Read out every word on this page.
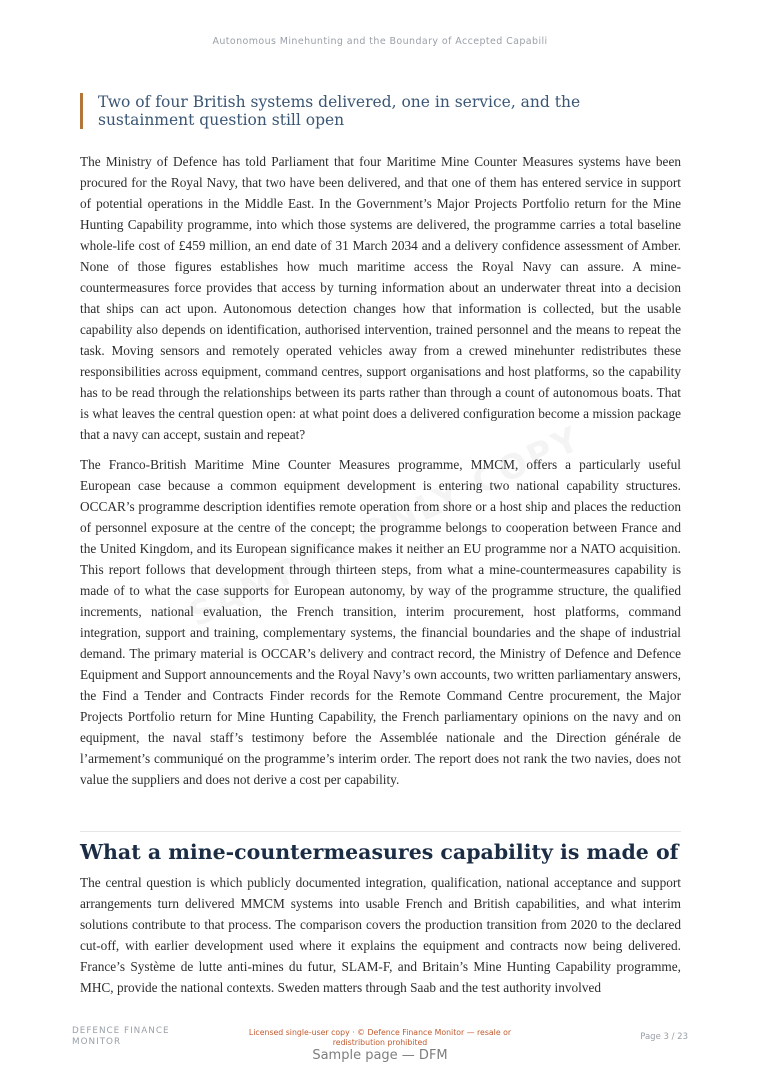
Autonomous Minehunting and the Boundary of Accepted Capabili
Two of four British systems delivered, one in service, and the sustainment question still open

The Ministry of Defence has told Parliament that four Maritime Mine Counter Measures systems have been procured for the Royal Navy, that two have been delivered, and that one of them has entered service in support of potential operations in the Middle East. In the Government’s Major Projects Portfolio return for the Mine Hunting Capability programme, into which those systems are delivered, the programme carries a total baseline whole-life cost of £459 million, an end date of 31 March 2034 and a delivery confidence assessment of Amber. None of those figures establishes how much maritime access the Royal Navy can assure. A mine-countermeasures force provides that access by turning information about an underwater threat into a decision that ships can act upon. Autonomous detection changes how that information is collected, but the usable capability also depends on identification, authorised intervention, trained personnel and the means to repeat the task. Moving sensors and remotely operated vehicles away from a crewed minehunter redistributes these responsibilities across equipment, command centres, support organisations and host platforms, so the capability has to be read through the relationships between its parts rather than through a count of autonomous boats. That is what leaves the central question open: at what point does a delivered configuration become a mission package that a navy can accept, sustain and repeat?

The Franco-British Maritime Mine Counter Measures programme, MMCM, offers a particularly useful European case because a common equipment development is entering two national capability structures. OCCAR’s programme description identifies remote operation from shore or a host ship and places the reduction of personnel exposure at the centre of the concept; the programme belongs to cooperation between France and the United Kingdom, and its European significance makes it neither an EU programme nor a NATO acquisition. This report follows that development through thirteen steps, from what a mine-countermeasures capability is made of to what the case supports for European autonomy, by way of the programme structure, the qualified increments, national evaluation, the French transition, interim procurement, host platforms, command integration, support and training, complementary systems, the financial boundaries and the shape of industrial demand. The primary material is OCCAR’s delivery and contract record, the Ministry of Defence and Defence Equipment and Support announcements and the Royal Navy’s own accounts, two written parliamentary answers, the Find a Tender and Contracts Finder records for the Remote Command Centre procurement, the Major Projects Portfolio return for Mine Hunting Capability, the French parliamentary opinions on the navy and on equipment, the naval staff’s testimony before the Assemblée nationale and the Direction générale de l’armement’s communiqué on the programme’s interim order. The report does not rank the two navies, does not value the suppliers and does not derive a cost per capability.

What a mine-countermeasures capability is made of

The central question is which publicly documented integration, qualification, national acceptance and support arrangements turn delivered MMCM systems into usable French and British capabilities, and what interim solutions contribute to that process. The comparison covers the production transition from 2020 to the declared cut-off, with earlier development used where it explains the equipment and contracts now being delivered. France’s Système de lutte anti-mines du futur, SLAM-F, and Britain’s Mine Hunting Capability programme, MHC, provide the national contexts. Sweden matters through Saab and the test authority involved

DEFENCE FINANCE MONITOR
Licensed single-user copy · © Defence Finance Monitor — resale or redistribution prohibited
Page 3 / 23
Sample page — DFM
